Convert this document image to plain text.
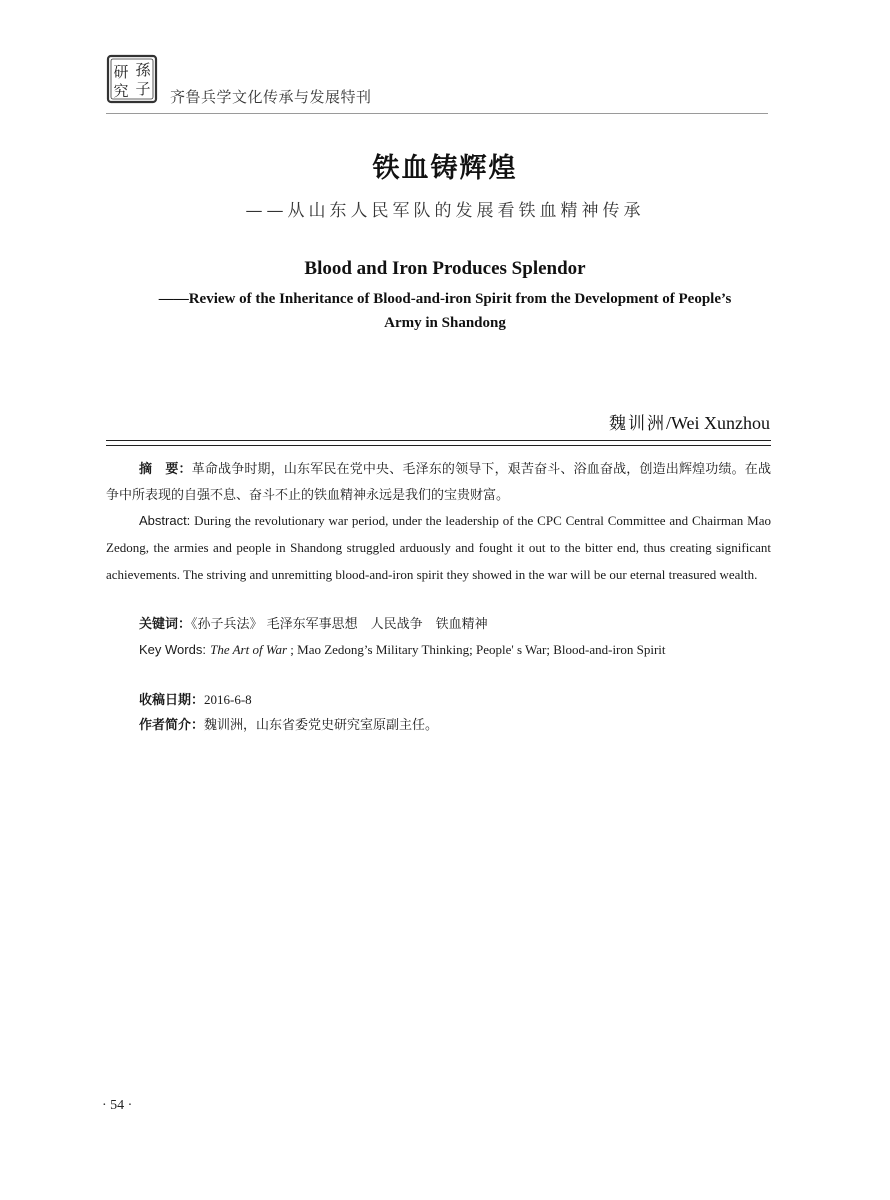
研 孫
究 子 齐鲁兵学文化传承与发展特刊
铁血铸辉煌
——从山东人民军队的发展看铁血精神传承
Blood and Iron Produces Splendor
——Review of the Inheritance of Blood-and-iron Spirit from the Development of People’s
Army in Shandong
魏训洲/Wei Xunzhou

摘　要：革命战争时期，山东军民在党中央、毛泽东的领导下，艰苦奋斗、浴血奋战，创造出辉煌功绩。在战争中所表现的自强不息、奋斗不止的铁血精神永远是我们的宝贵财富。

Abstract: During the revolutionary war period, under the leadership of the CPC Central Committee and Chairman Mao Zedong, the armies and people in Shandong struggled arduously and fought it out to the bitter end, thus creating significant achievements. The striving and unremitting blood-and-iron spirit they showed in the war will be our eternal treasured wealth.

关键词：《孙子兵法》 毛泽东军事思想　人民战争　铁血精神
Key Words: The Art of War ; Mao Zedong’s Military Thinking; People' s War; Blood-and-iron Spirit
收稿日期：2016-6-8
作者简介：魏训洲，山东省委党史研究室原副主任。
· 54 ·
